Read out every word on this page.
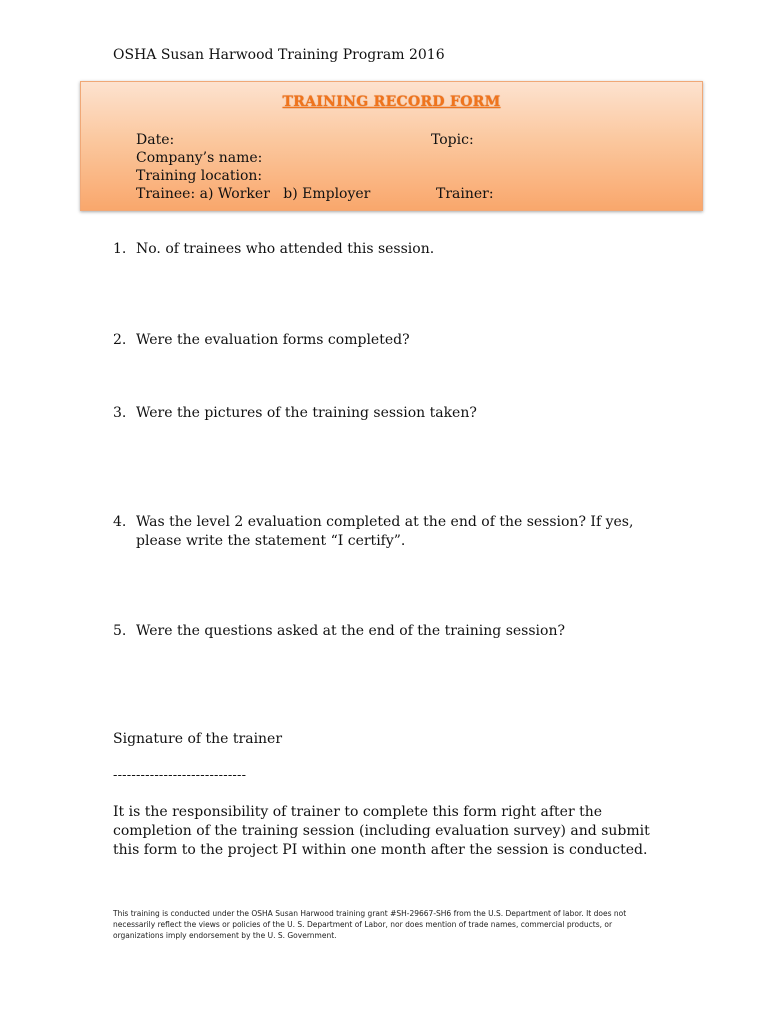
OSHA Susan Harwood Training Program 2016
TRAINING RECORD FORM
Date:	Topic:
Company’s name:
Training location:
Trainee: a) Worker   b) Employer	Trainer:
1. No. of trainees who attended this session.
2. Were the evaluation forms completed?
3. Were the pictures of the training session taken?
4. Was the level 2 evaluation completed at the end of the session? If yes, please write the statement “I certify”.
5. Were the questions asked at the end of the training session?
Signature of the trainer
-----------------------------
It is the responsibility of trainer to complete this form right after the completion of the training session (including evaluation survey) and submit this form to the project PI within one month after the session is conducted.
This training is conducted under the OSHA Susan Harwood training grant #SH-29667-SH6 from the U.S. Department of labor. It does not necessarily reflect the views or policies of the U. S. Department of Labor, nor does mention of trade names, commercial products, or organizations imply endorsement by the U. S. Government.
